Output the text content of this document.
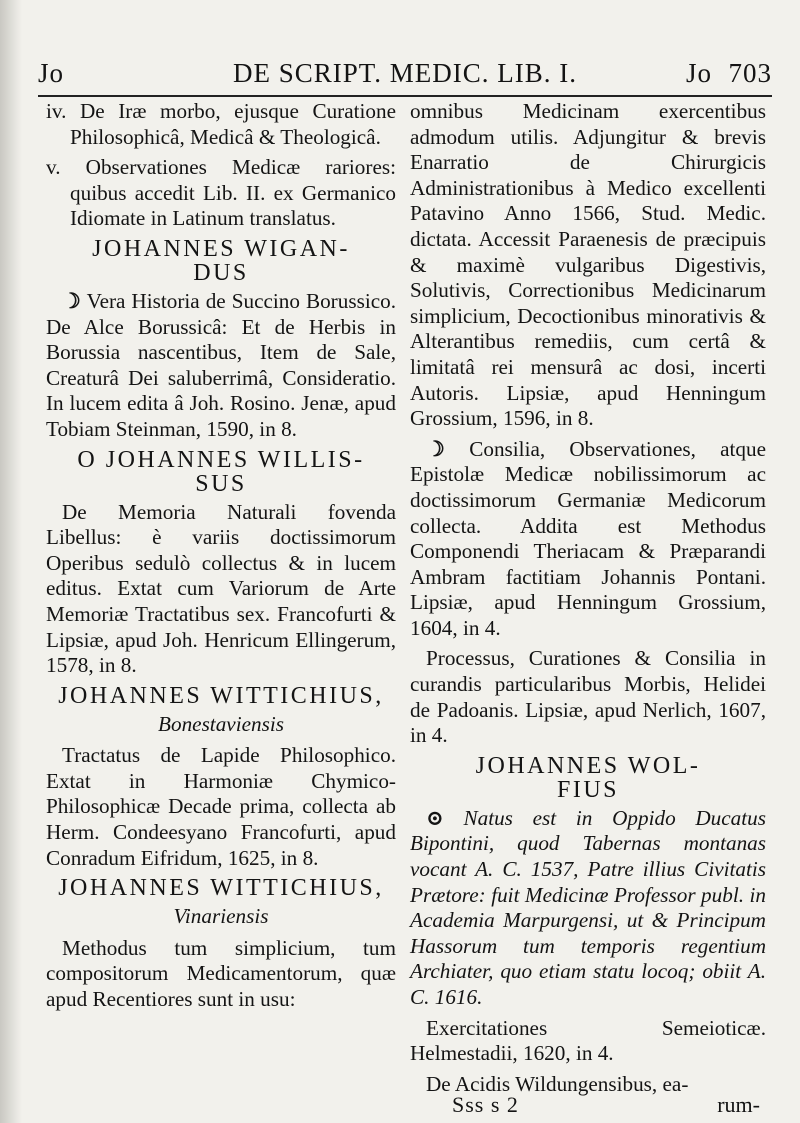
Jo	DE SCRIPT. MEDIC. LIB. I.	Jo 703

iv. De Iræ morbo, ejusque Curatione Philosophicâ, Medicâ & Theologicâ.

v. Observationes Medicæ rariores: quibus accedit Lib. II. ex Germanico Idiomate in Latinum translatus.

JOHANNES WIGAN-
DUS

☽ Vera Historia de Succino Borussico. De Alce Borussicâ: Et de Herbis in Borussia nascentibus, Item de Sale, Creaturâ Dei saluberrimâ, Consideratio. In lucem edita â Joh. Rosino. Jenæ, apud Tobiam Steinman, 1590, in 8.

O JOHANNES WILLIS-
SUS

De Memoria Naturali fovenda Libellus: è variis doctissimorum Operibus sedulò collectus & in lucem editus. Extat cum Variorum de Arte Memoriæ Tractatibus sex. Francofurti & Lipsiæ, apud Joh. Henricum Ellingerum, 1578, in 8.

JOHANNES WITTICHIUS,
Bonestaviensis

Tractatus de Lapide Philosophico. Extat in Harmoniæ Chymico-Philosophicæ Decade prima, collecta ab Herm. Condeesyano Francofurti, apud Conradum Eifridum, 1625, in 8.

JOHANNES WITTICHIUS,
Vinariensis

Methodus tum simplicium, tum compositorum Medicamentorum, quæ apud Recentiores sunt in usu:

omnibus Medicinam exercentibus admodum utilis. Adjungitur & brevis Enarratio de Chirurgicis Administrationibus à Medico excellenti Patavino Anno 1566, Stud. Medic. dictata. Accessit Paraenesis de præcipuis & maximè vulgaribus Digestivis, Solutivis, Correctionibus Medicinarum simplicium, Decoctionibus minorativis & Alterantibus remediis, cum certâ & limitatâ rei mensurâ ac dosi, incerti Autoris. Lipsiæ, apud Henningum Grossium, 1596, in 8.

☽ Consilia, Observationes, atque Epistolæ Medicæ nobilissimorum ac doctissimorum Germaniæ Medicorum collecta. Addita est Methodus Componendi Theriacam & Præparandi Ambram factitiam Johannis Pontani. Lipsiæ, apud Henningum Grossium, 1604, in 4.

Processus, Curationes & Consilia in curandis particularibus Morbis, Helidei de Padoanis. Lipsiæ, apud Nerlich, 1607, in 4.

JOHANNES WOL-
FIUS

⊙ Natus est in Oppido Ducatus Bipontini, quod Tabernas montanas vocant A. C. 1537, Patre illius Civitatis Prætore: fuit Medicinæ Professor publ. in Academia Marpurgensi, ut & Principum Hassorum tum temporis regentium Archiater, quo etiam statu locoq; obiit A. C. 1616.

Exercitationes Semeioticæ. Helmestadii, 1620, in 4.

De Acidis Wildungensibus, ea-

Sss s 2	rum-
